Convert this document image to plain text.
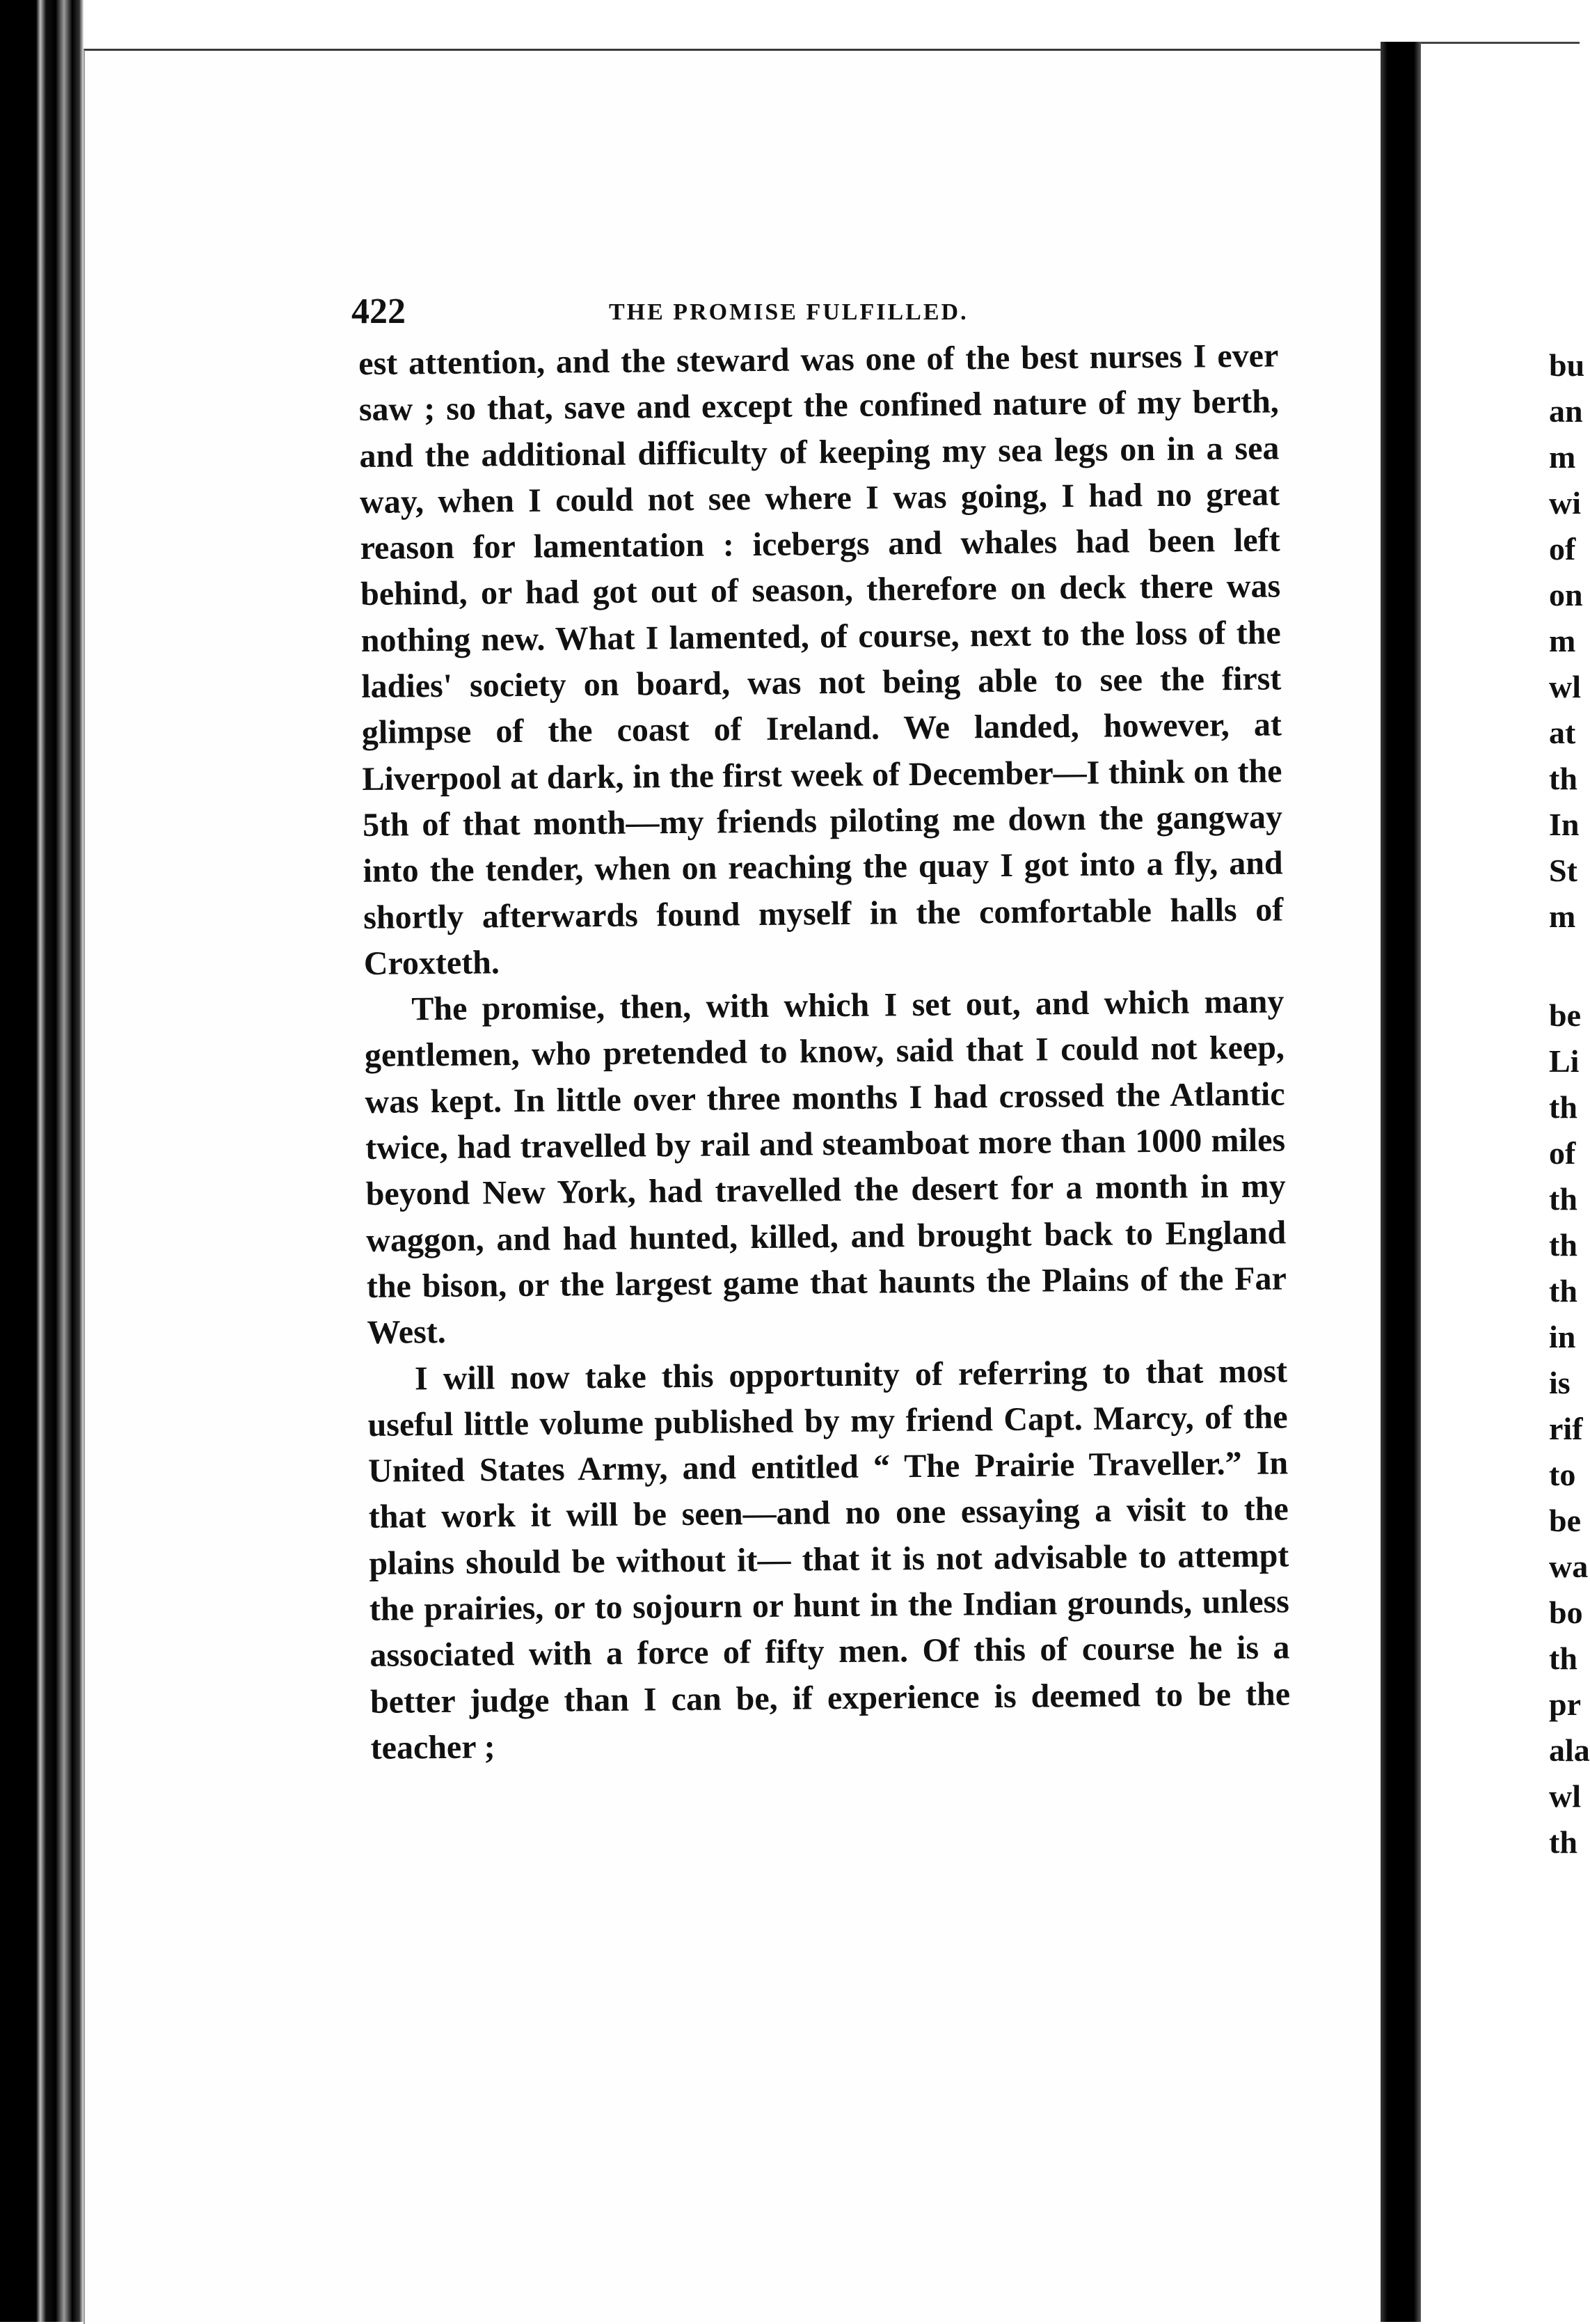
422	THE PROMISE FULFILLED.

est attention, and the steward was one of the best nurses I ever saw ; so that, save and except the confined nature of my berth, and the additional difficulty of keeping my sea legs on in a sea way, when I could not see where I was going, I had no great reason for lamentation : icebergs and whales had been left behind, or had got out of season, therefore on deck there was nothing new. What I lamented, of course, next to the loss of the ladies' society on board, was not being able to see the first glimpse of the coast of Ireland. We landed, however, at Liverpool at dark, in the first week of December—I think on the 5th of that month—my friends piloting me down the gangway into the tender, when on reaching the quay I got into a fly, and shortly afterwards found myself in the comfortable halls of Croxteth.

The promise, then, with which I set out, and which many gentlemen, who pretended to know, said that I could not keep, was kept. In little over three months I had crossed the Atlantic twice, had travelled by rail and steamboat more than 1000 miles beyond New York, had travelled the desert for a month in my waggon, and had hunted, killed, and brought back to England the bison, or the largest game that haunts the Plains of the Far West.

I will now take this opportunity of referring to that most useful little volume published by my friend Capt. Marcy, of the United States Army, and entitled “ The Prairie Traveller.” In that work it will be seen—and no one essaying a visit to the plains should be without it— that it is not advisable to attempt the prairies, or to sojourn or hunt in the Indian grounds, unless associated with a force of fifty men. Of this of course he is a better judge than I can be, if experience is deemed to be the teacher ;

bu
an
m
wi
of
on
m
wl
at
th
In
St
m
be
Li
th
of
th
th
th
in
is
rif
to
be
wa
bo
th
pr
ala
wl
th
